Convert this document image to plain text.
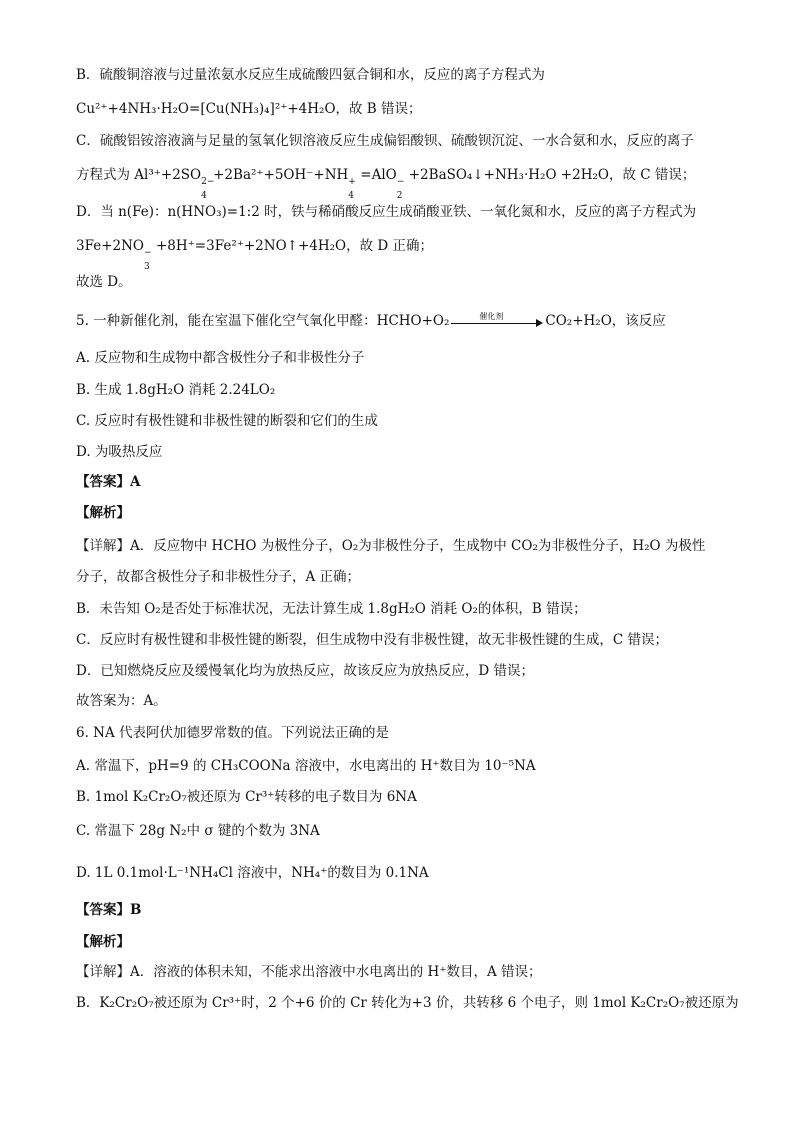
B．硫酸铜溶液与过量浓氨水反应生成硫酸四氨合铜和水，反应的离子方程式为
Cu²⁺+4NH₃·H₂O=[Cu(NH₃)₄]²⁺+4H₂O，故 B 错误；
C．硫酸铝铵溶液滴与足量的氢氧化钡溶液反应生成偏铝酸钡、硫酸钡沉淀、一水合氨和水，反应的离子
方程式为 Al³⁺+2SO 2−
4
+2Ba²⁺+5OH⁻+NH +
4
=AlO −
2
+2BaSO₄↓+NH₃·H₂O +2H₂O，故 C 错误；
D．当 n(Fe)：n(HNO₃)=1:2 时，铁与稀硝酸反应生成硝酸亚铁、一氧化氮和水，反应的离子方程式为
3Fe+2NO −
3
+8H⁺=3Fe²⁺+2NO↑+4H₂O，故 D 正确；
故选 D。
5. 一种新催化剂，能在室温下催化空气氧化甲醛：HCHO+O₂	催化剂	CO₂+H₂O，该反应
A. 反应物和生成物中都含极性分子和非极性分子
B. 生成 1.8gH₂O 消耗 2.24LO₂
C. 反应时有极性键和非极性键的断裂和它们的生成
D. 为吸热反应
【答案】A
【解析】
【详解】A．反应物中 HCHO 为极性分子，O₂为非极性分子，生成物中 CO₂为非极性分子，H₂O 为极性
分子，故都含极性分子和非极性分子，A 正确；
B．未告知 O₂是否处于标准状况，无法计算生成 1.8gH₂O 消耗 O₂的体积，B 错误；
C．反应时有极性键和非极性键的断裂，但生成物中没有非极性键，故无非极性键的生成，C 错误；
D．已知燃烧反应及缓慢氧化均为放热反应，故该反应为放热反应，D 错误；
故答案为：A。
6. NA 代表阿伏加德罗常数的值。下列说法正确的是
A. 常温下，pH=9 的 CH₃COONa 溶液中，水电离出的 H⁺数目为 10⁻⁵NA
B. 1mol K₂Cr₂O₇被还原为 Cr³⁺转移的电子数目为 6NA
C. 常温下 28g N₂中 σ 键的个数为 3NA
D. 1L 0.1mol·L⁻¹NH₄Cl 溶液中，NH₄⁺的数目为 0.1NA
【答案】B
【解析】
【详解】A．溶液的体积未知，不能求出溶液中水电离出的 H⁺数目，A 错误；
B．K₂Cr₂O₇被还原为 Cr³⁺时，2 个+6 价的 Cr 转化为+3 价，共转移 6 个电子，则 1mol K₂Cr₂O₇被还原为
